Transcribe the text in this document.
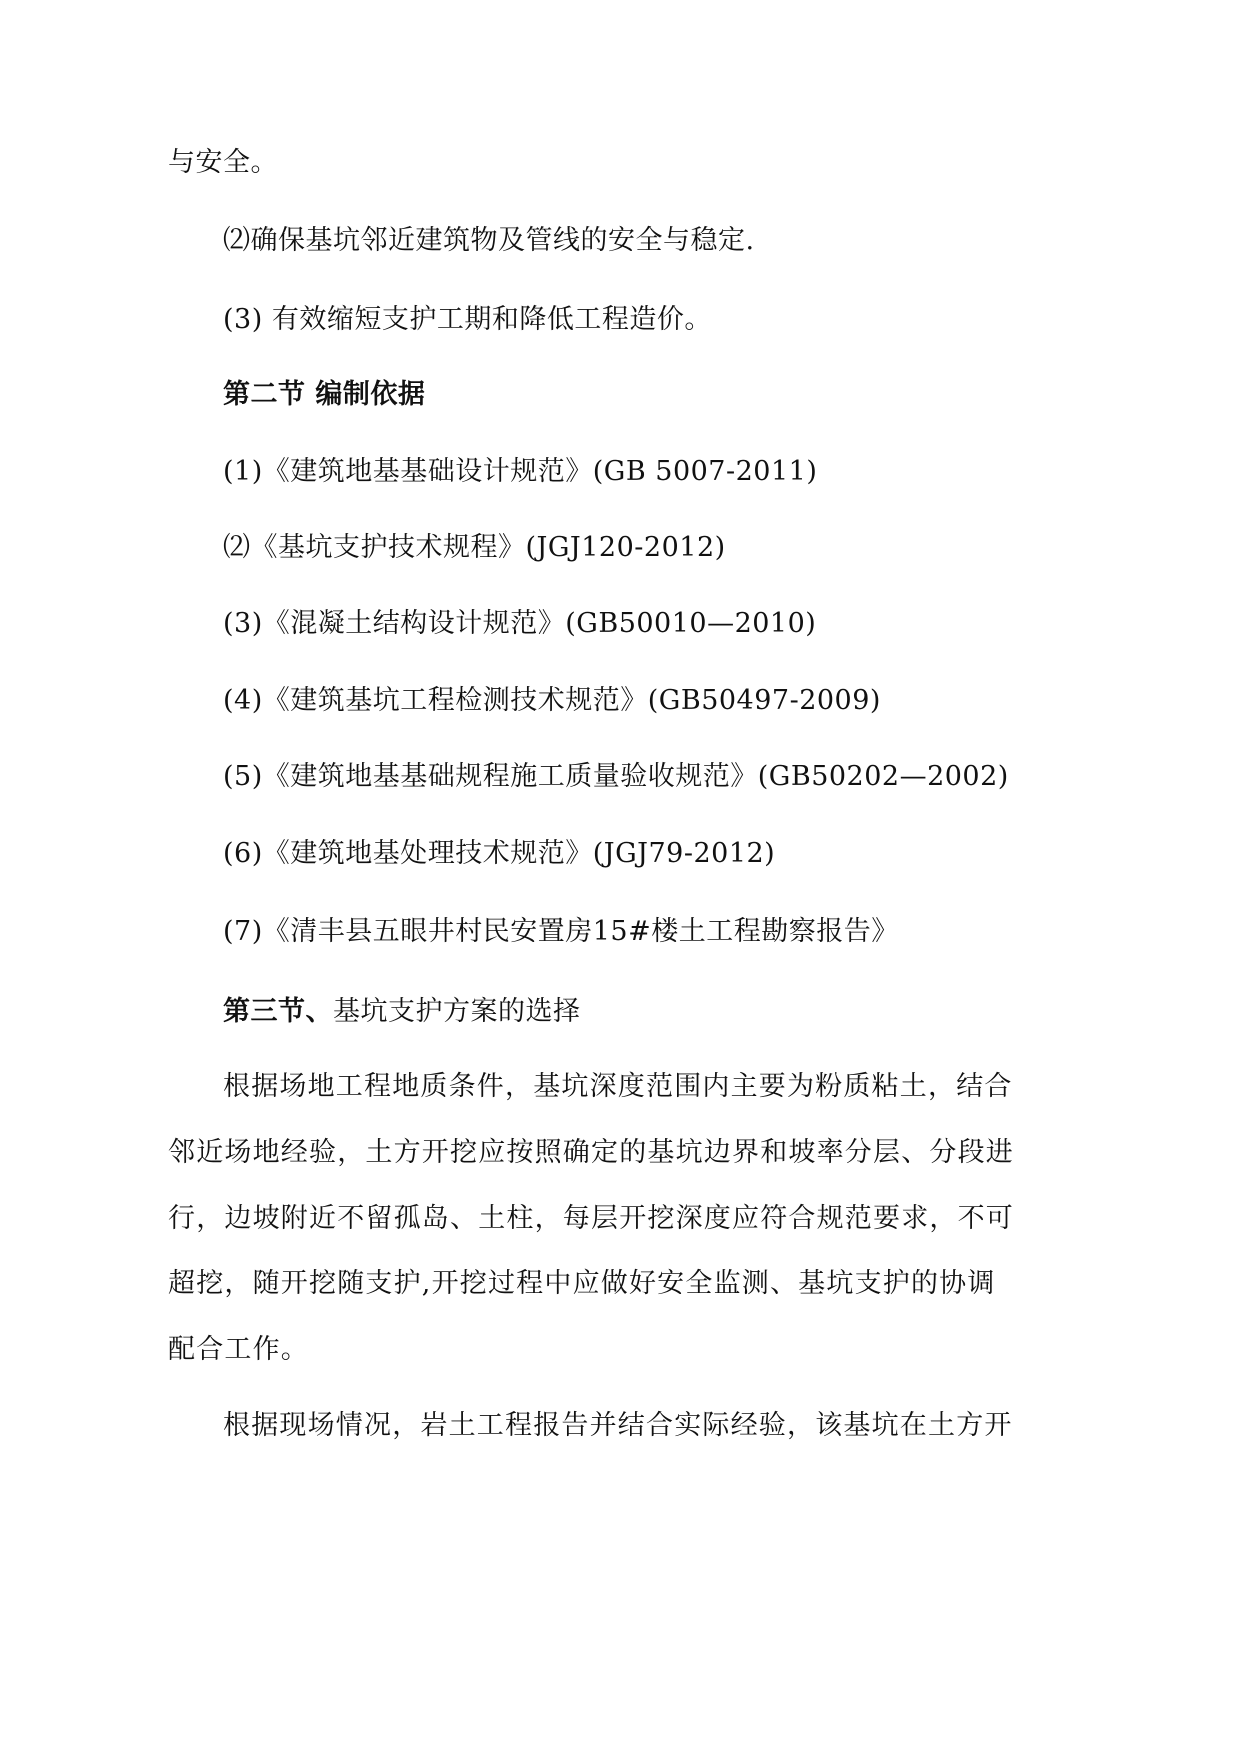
与安全。
⑵确保基坑邻近建筑物及管线的安全与稳定.
(3) 有效缩短支护工期和降低工程造价。
第二节 编制依据
(1)《建筑地基基础设计规范》(GB 5007-2011)
⑵《基坑支护技术规程》(JGJ120-2012)
(3)《混凝土结构设计规范》(GB50010—2010)
(4)《建筑基坑工程检测技术规范》(GB50497-2009)
(5)《建筑地基基础规程施工质量验收规范》(GB50202—2002)
(6)《建筑地基处理技术规范》(JGJ79-2012)
(7)《清丰县五眼井村民安置房15#楼土工程勘察报告》
第三节、基坑支护方案的选择
根据场地工程地质条件，基坑深度范围内主要为粉质粘土，结合
邻近场地经验，土方开挖应按照确定的基坑边界和坡率分层、分段进
行，边坡附近不留孤岛、土柱，每层开挖深度应符合规范要求，不可
超挖，随开挖随支护,开挖过程中应做好安全监测、基坑支护的协调
配合工作。
根据现场情况，岩土工程报告并结合实际经验，该基坑在土方开
